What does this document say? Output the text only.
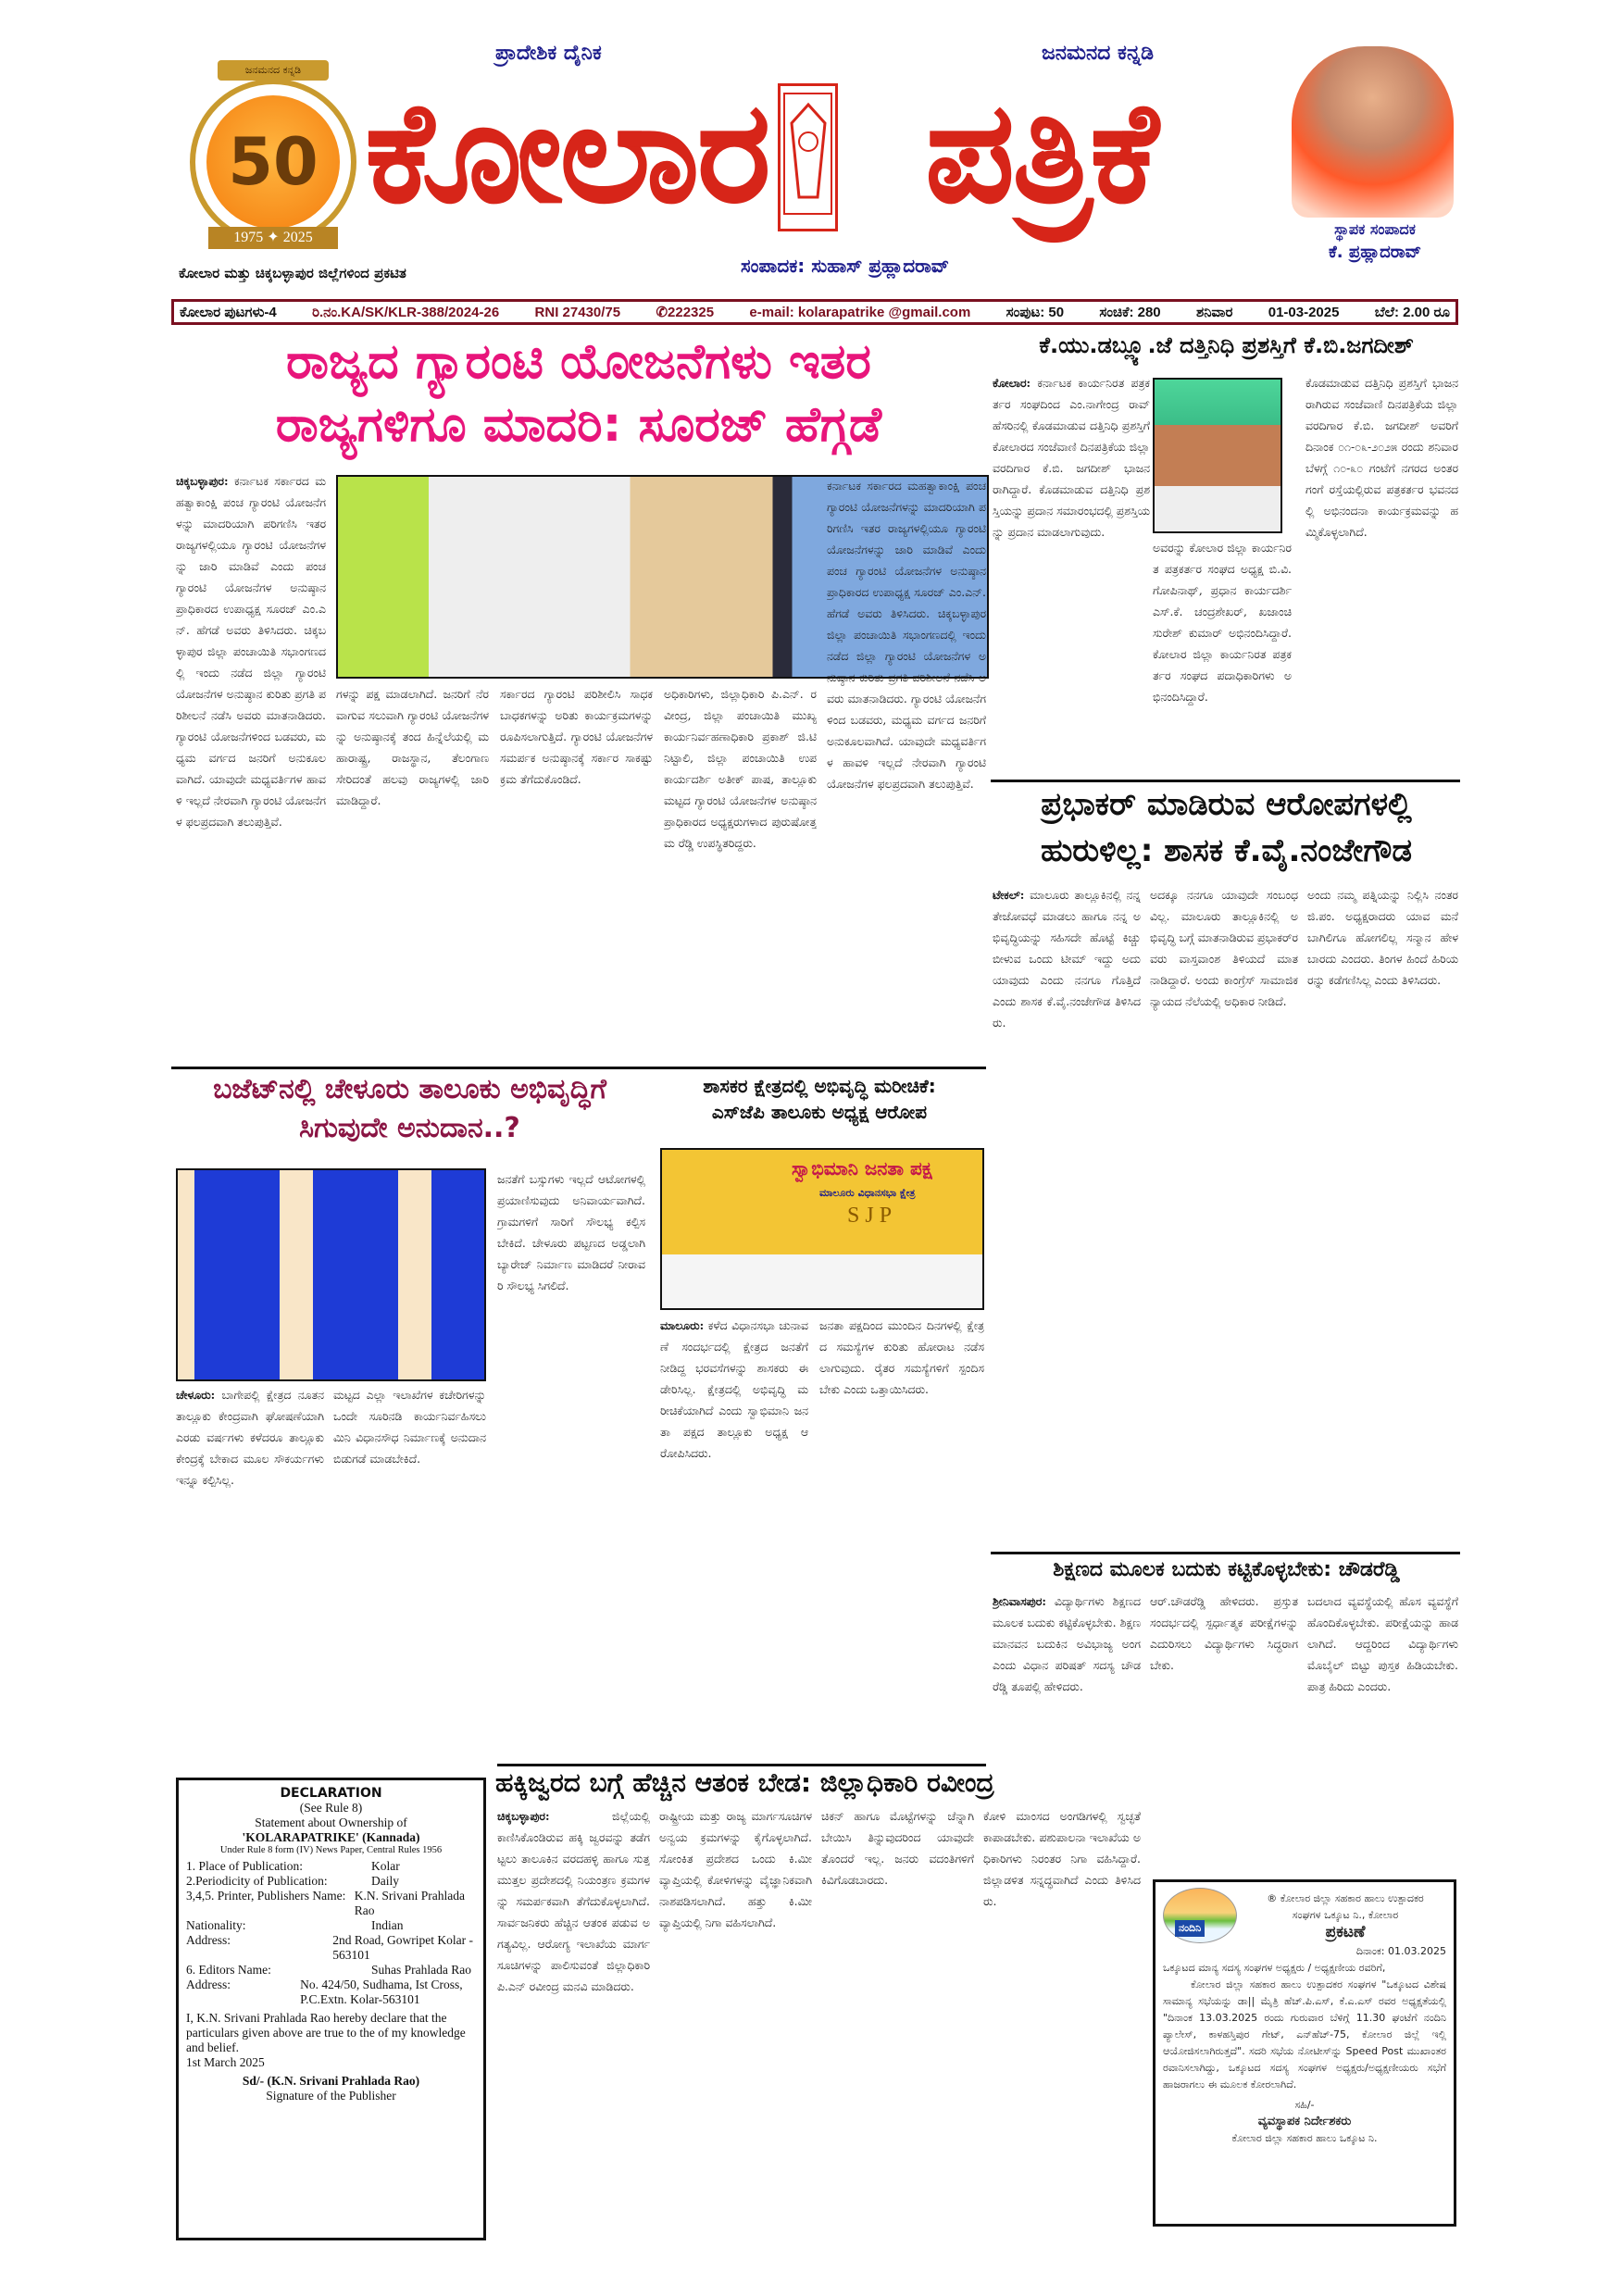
ಜನಮನದ ಕನ್ನಡಿ
50
1975 ✦ 2025
ಪ್ರಾದೇಶಿಕ ದೈನಿಕ	ಜನಮನದ ಕನ್ನಡಿ
ಕೋಲಾರ ಪತ್ರಿಕೆ	ಸ್ಥಾಪಕ ಸಂಪಾದಕ
ಕೆ. ಪ್ರಹ್ಲಾದರಾವ್
ಕೋಲಾರ ಮತ್ತು ಚಿಕ್ಕಬಳ್ಳಾಪುರ ಜಿಲ್ಲೆಗಳಿಂದ ಪ್ರಕಟಿತ	ಸಂಪಾದಕ: ಸುಹಾಸ್ ಪ್ರಹ್ಲಾದರಾವ್
ಕೋಲಾರ ಪುಟಗಳು-4	ರಿ.ನಂ.KA/SK/KLR-388/2024-26	RNI 27430/75	✆222325	e-mail: kolarapatrike @gmail.com	ಸಂಪುಟ: 50	ಸಂಚಿಕೆ: 280	ಶನಿವಾರ	01-03-2025	ಬೆಲೆ: 2.00 ರೂ
ರಾಜ್ಯದ ಗ್ಯಾರಂಟಿ ಯೋಜನೆಗಳು ಇತರ
ರಾಜ್ಯಗಳಿಗೂ ಮಾದರಿ: ಸೂರಜ್ ಹೆಗ್ಗಡೆ
ಚಿಕ್ಕಬಳ್ಳಾಪುರ: ಕರ್ನಾಟಕ ಸರ್ಕಾರದ ಮಹತ್ವಾಕಾಂಕ್ಷಿ ಪಂಚ ಗ್ಯಾರಂಟಿ ಯೋಜನೆಗಳನ್ನು ಮಾದರಿಯಾಗಿ ಪರಿಗಣಿಸಿ ಇತರ ರಾಜ್ಯಗಳಲ್ಲಿಯೂ ಗ್ಯಾರಂಟಿ ಯೋಜನೆಗಳನ್ನು ಜಾರಿ ಮಾಡಿವೆ ಎಂದು ಪಂಚ ಗ್ಯಾರಂಟಿ ಯೋಜನೆಗಳ ಅನುಷ್ಠಾನ ಪ್ರಾಧಿಕಾರದ ಉಪಾಧ್ಯಕ್ಷ ಸೂರಜ್ ಎಂ.ಎನ್. ಹೆಗಡೆ ಅವರು ತಿಳಿಸಿದರು. ಚಿಕ್ಕಬಳ್ಳಾಪುರ ಜಿಲ್ಲಾ ಪಂಚಾಯಿತಿ ಸಭಾಂಗಣದಲ್ಲಿ ಇಂದು ನಡೆದ ಜಿಲ್ಲಾ ಗ್ಯಾರಂಟಿ ಯೋಜನೆಗಳ ಅನುಷ್ಠಾನ ಕುರಿತು ಪ್ರಗತಿ ಪರಿಶೀಲನೆ ನಡೆಸಿ ಅವರು ಮಾತನಾಡಿದರು. ಗ್ಯಾರಂಟಿ ಯೋಜನೆಗಳಿಂದ ಬಡವರು, ಮಧ್ಯಮ ವರ್ಗದ ಜನರಿಗೆ ಅನುಕೂಲವಾಗಿದೆ. ಯಾವುದೇ ಮಧ್ಯವರ್ತಿಗಳ ಹಾವಳಿ ಇಲ್ಲದೆ ನೇರವಾಗಿ ಗ್ಯಾರಂಟಿ ಯೋಜನೆಗಳ ಫಲಪ್ರದವಾಗಿ ತಲುಪುತ್ತಿವೆ.
ಗಳನ್ನು ಪಕ್ಷ ಮಾಡಲಾಗಿದೆ. ಜನರಿಗೆ ನೆರವಾಗುವ ಸಲುವಾಗಿ ಗ್ಯಾರಂಟಿ ಯೋಜನೆಗಳನ್ನು ಅನುಷ್ಠಾನಕ್ಕೆ ತಂದ ಹಿನ್ನೆಲೆಯಲ್ಲಿ ಮಹಾರಾಷ್ಟ್ರ, ರಾಜಸ್ಥಾನ, ತೆಲಂಗಾಣ ಸೇರಿದಂತೆ ಹಲವು ರಾಜ್ಯಗಳಲ್ಲಿ ಜಾರಿ ಮಾಡಿದ್ದಾರೆ.
ಸರ್ಕಾರದ ಗ್ಯಾರಂಟಿ ಪರಿಶೀಲಿಸಿ ಸಾಧಕ ಬಾಧಕಗಳನ್ನು ಅರಿತು ಕಾರ್ಯಕ್ರಮಗಳನ್ನು ರೂಪಿಸಲಾಗುತ್ತಿದೆ. ಗ್ಯಾರಂಟಿ ಯೋಜನೆಗಳ ಸಮರ್ಪಕ ಅನುಷ್ಠಾನಕ್ಕೆ ಸರ್ಕಾರ ಸಾಕಷ್ಟು ಕ್ರಮ ತೆಗೆದುಕೊಂಡಿದೆ.
ಅಧಿಕಾರಿಗಳು, ಜಿಲ್ಲಾಧಿಕಾರಿ ಪಿ.ಎನ್. ರವೀಂದ್ರ, ಜಿಲ್ಲಾ ಪಂಚಾಯಿತಿ ಮುಖ್ಯ ಕಾರ್ಯನಿರ್ವಹಣಾಧಿಕಾರಿ ಪ್ರಕಾಶ್ ಜಿ.ಟಿ ನಿಟ್ಟಾಲಿ, ಜಿಲ್ಲಾ ಪಂಚಾಯಿತಿ ಉಪ ಕಾರ್ಯದರ್ಶಿ ಅತೀಕ್ ಪಾಷ, ತಾಲ್ಲೂಕು ಮಟ್ಟದ ಗ್ಯಾರಂಟಿ ಯೋಜನೆಗಳ ಅನುಷ್ಠಾನ ಪ್ರಾಧಿಕಾರದ ಅಧ್ಯಕ್ಷರುಗಳಾದ ಪುರುಷೋತ್ತಮ ರೆಡ್ಡಿ ಉಪಸ್ಥಿತರಿದ್ದರು.
ಕರ್ನಾಟಕ ಸರ್ಕಾರದ ಮಹತ್ವಾಕಾಂಕ್ಷಿ ಪಂಚ ಗ್ಯಾರಂಟಿ ಯೋಜನೆಗಳನ್ನು ಮಾದರಿಯಾಗಿ ಪರಿಗಣಿಸಿ ಇತರ ರಾಜ್ಯಗಳಲ್ಲಿಯೂ ಗ್ಯಾರಂಟಿ ಯೋಜನೆಗಳನ್ನು ಜಾರಿ ಮಾಡಿವೆ ಎಂದು ಪಂಚ ಗ್ಯಾರಂಟಿ ಯೋಜನೆಗಳ ಅನುಷ್ಠಾನ ಪ್ರಾಧಿಕಾರದ ಉಪಾಧ್ಯಕ್ಷ ಸೂರಜ್ ಎಂ.ಎನ್. ಹೆಗಡೆ ಅವರು ತಿಳಿಸಿದರು. ಚಿಕ್ಕಬಳ್ಳಾಪುರ ಜಿಲ್ಲಾ ಪಂಚಾಯಿತಿ ಸಭಾಂಗಣದಲ್ಲಿ ಇಂದು ನಡೆದ ಜಿಲ್ಲಾ ಗ್ಯಾರಂಟಿ ಯೋಜನೆಗಳ ಅನುಷ್ಠಾನ ಕುರಿತು ಪ್ರಗತಿ ಪರಿಶೀಲನೆ ನಡೆಸಿ ಅವರು ಮಾತನಾಡಿದರು. ಗ್ಯಾರಂಟಿ ಯೋಜನೆಗಳಿಂದ ಬಡವರು, ಮಧ್ಯಮ ವರ್ಗದ ಜನರಿಗೆ ಅನುಕೂಲವಾಗಿದೆ. ಯಾವುದೇ ಮಧ್ಯವರ್ತಿಗಳ ಹಾವಳಿ ಇಲ್ಲದೆ ನೇರವಾಗಿ ಗ್ಯಾರಂಟಿ ಯೋಜನೆಗಳ ಫಲಪ್ರದವಾಗಿ ತಲುಪುತ್ತಿವೆ.
ಕೆ.ಯು.ಡಬ್ಲ್ಯೂ.ಜೆ ದತ್ತಿನಿಧಿ ಪ್ರಶಸ್ತಿಗೆ ಕೆ.ಬಿ.ಜಗದೀಶ್
ಕೋಲಾರ: ಕರ್ನಾಟಕ ಕಾರ್ಯನಿರತ ಪತ್ರಕರ್ತರ ಸಂಘದಿಂದ ಎಂ.ನಾಗೇಂದ್ರ ರಾವ್ ಹೆಸರಿನಲ್ಲಿ ಕೊಡಮಾಡುವ ದತ್ತಿನಿಧಿ ಪ್ರಶಸ್ತಿಗೆ ಕೋಲಾರದ ಸಂಜೆವಾಣಿ ದಿನಪತ್ರಿಕೆಯ ಜಿಲ್ಲಾ ವರದಿಗಾರ ಕೆ.ಬಿ. ಜಗದೀಶ್ ಭಾಜನರಾಗಿದ್ದಾರೆ. ಕೊಡಮಾಡುವ ದತ್ತಿನಿಧಿ ಪ್ರಶಸ್ತಿಯನ್ನು ಪ್ರದಾನ ಸಮಾರಂಭದಲ್ಲಿ ಪ್ರಶಸ್ತಿಯನ್ನು ಪ್ರದಾನ ಮಾಡಲಾಗುವುದು.
ಅವರನ್ನು ಕೋಲಾರ ಜಿಲ್ಲಾ ಕಾರ್ಯನಿರತ ಪತ್ರಕರ್ತರ ಸಂಘದ ಅಧ್ಯಕ್ಷ ಬಿ.ವಿ. ಗೋಪಿನಾಥ್, ಪ್ರಧಾನ ಕಾರ್ಯದರ್ಶಿ ಎಸ್.ಕೆ. ಚಂದ್ರಶೇಖರ್, ಖಜಾಂಚಿ ಸುರೇಶ್ ಕುಮಾರ್ ಅಭಿನಂದಿಸಿದ್ದಾರೆ. ಕೋಲಾರ ಜಿಲ್ಲಾ ಕಾರ್ಯನಿರತ ಪತ್ರಕರ್ತರ ಸಂಘದ ಪದಾಧಿಕಾರಿಗಳು ಅಭಿನಂದಿಸಿದ್ದಾರೆ.
ಕೊಡಮಾಡುವ ದತ್ತಿನಿಧಿ ಪ್ರಶಸ್ತಿಗೆ ಭಾಜನರಾಗಿರುವ ಸಂಜೆವಾಣಿ ದಿನಪತ್ರಿಕೆಯ ಜಿಲ್ಲಾ ವರದಿಗಾರ ಕೆ.ಬಿ. ಜಗದೀಶ್ ಅವರಿಗೆ ದಿನಾಂಕ ೦೧-೦೩-೨೦೨೫ ರಂದು ಶನಿವಾರ ಬೆಳಗ್ಗೆ ೧೦-೩೦ ಗಂಟೆಗೆ ನಗರದ ಅಂತರಗಂಗೆ ರಸ್ತೆಯಲ್ಲಿರುವ ಪತ್ರಕರ್ತರ ಭವನದಲ್ಲಿ ಅಭಿನಂದನಾ ಕಾರ್ಯಕ್ರಮವನ್ನು ಹಮ್ಮಿಕೊಳ್ಳಲಾಗಿದೆ.
ಪ್ರಭಾಕರ್ ಮಾಡಿರುವ ಆರೋಪಗಳಲ್ಲಿ
ಹುರುಳಿಲ್ಲ: ಶಾಸಕ ಕೆ.ವೈ.ನಂಜೇಗೌಡ
ಟೇಕಲ್: ಮಾಲೂರು ತಾಲ್ಲೂಕಿನಲ್ಲಿ ನನ್ನ ತೇಜೋವಧೆ ಮಾಡಲು ಹಾಗೂ ನನ್ನ ಅಭಿವೃದ್ಧಿಯನ್ನು ಸಹಿಸದೇ ಹೊಟ್ಟೆ ಕಿಚ್ಚು ಬೀಳುವ ಒಂದು ಟೀಮ್ ಇದ್ದು ಅದು ಯಾವುದು ಎಂದು ನನಗೂ ಗೊತ್ತಿದೆ ಎಂದು ಶಾಸಕ ಕೆ.ವೈ.ನಂಜೇಗೌಡ ತಿಳಿಸಿದರು.
ಅದಕ್ಕೂ ನನಗೂ ಯಾವುದೇ ಸಂಬಂಧವಿಲ್ಲ. ಮಾಲೂರು ತಾಲ್ಲೂಕಿನಲ್ಲಿ ಅಭಿವೃದ್ಧಿ ಬಗ್ಗೆ ಮಾತನಾಡಿರುವ ಪ್ರಭಾಕರ್‌ರವರು ವಾಸ್ತವಾಂಶ ತಿಳಿಯದೆ ಮಾತನಾಡಿದ್ದಾರೆ. ಅಂದು ಕಾಂಗ್ರೆಸ್ ಸಾಮಾಜಿಕ ನ್ಯಾಯದ ನೆಲೆಯಲ್ಲಿ ಅಧಿಕಾರ ನೀಡಿದೆ.
ಅಂದು ನಮ್ಮ ಪತ್ನಿಯನ್ನು ನಿಲ್ಲಿಸಿ ನಂತರ ಜಿ.ಪಂ. ಅಧ್ಯಕ್ಷರಾದರು ಯಾವ ಮನೆ ಬಾಗಿಲಿಗೂ ಹೋಗಲಿಲ್ಲ ಸನ್ಮಾನ ಹೇಳಬಾರದು ಎಂದರು. ತಿಂಗಳ ಹಿಂದೆ ಹಿರಿಯರನ್ನು ಕಡೆಗಣಿಸಿಲ್ಲ ಎಂದು ತಿಳಿಸಿದರು.
ಶಿಕ್ಷಣದ ಮೂಲಕ ಬದುಕು ಕಟ್ಟಿಕೊಳ್ಳಬೇಕು: ಚೌಡರೆಡ್ಡಿ
ಶ್ರೀನಿವಾಸಪುರ: ವಿದ್ಯಾರ್ಥಿಗಳು ಶಿಕ್ಷಣದ ಮೂಲಕ ಬದುಕು ಕಟ್ಟಿಕೊಳ್ಳಬೇಕು. ಶಿಕ್ಷಣ ಮಾನವನ ಬದುಕಿನ ಅವಿಭಾಜ್ಯ ಅಂಗ ಎಂದು ವಿಧಾನ ಪರಿಷತ್ ಸದಸ್ಯ ಚೌಡರೆಡ್ಡಿ ತೂಪಲ್ಲಿ ಹೇಳಿದರು.
ಆರ್.ಚೌಡರೆಡ್ಡಿ ಹೇಳಿದರು. ಪ್ರಸ್ತುತ ಸಂದರ್ಭದಲ್ಲಿ ಸ್ಪರ್ಧಾತ್ಮಕ ಪರೀಕ್ಷೆಗಳನ್ನು ಎದುರಿಸಲು ವಿದ್ಯಾರ್ಥಿಗಳು ಸಿದ್ಧರಾಗಬೇಕು.
ಬದಲಾದ ವ್ಯವಸ್ಥೆಯಲ್ಲಿ ಹೊಸ ವ್ಯವಸ್ಥೆಗೆ ಹೊಂದಿಕೊಳ್ಳಬೇಕು. ಪರೀಕ್ಷೆಯನ್ನು ಹಾಡಲಾಗಿದೆ. ಆದ್ದರಿಂದ ವಿದ್ಯಾರ್ಥಿಗಳು ಮೊಬೈಲ್ ಬಿಟ್ಟು ಪುಸ್ತಕ ಹಿಡಿಯಬೇಕು. ಪಾತ್ರ ಹಿರಿದು ಎಂದರು.
ಬಜೆಟ್‌ನಲ್ಲಿ ಚೇಳೂರು ತಾಲೂಕು ಅಭಿವೃದ್ಧಿಗೆ
ಸಿಗುವುದೇ ಅನುದಾನ..?
ಚೇಳೂರು: ಬಾಗೇಪಲ್ಲಿ ಕ್ಷೇತ್ರದ ನೂತನ ತಾಲ್ಲೂಕು ಕೇಂದ್ರವಾಗಿ ಘೋಷಣೆಯಾಗಿ ಎರಡು ವರ್ಷಗಳು ಕಳೆದರೂ ತಾಲ್ಲೂಕು ಕೇಂದ್ರಕ್ಕೆ ಬೇಕಾದ ಮೂಲ ಸೌಕರ್ಯಗಳು ಇನ್ನೂ ಕಲ್ಪಿಸಿಲ್ಲ.
ಮಟ್ಟದ ಎಲ್ಲಾ ಇಲಾಖೆಗಳ ಕಚೇರಿಗಳನ್ನು ಒಂದೇ ಸೂರಿನಡಿ ಕಾರ್ಯನಿರ್ವಹಿಸಲು ಮಿನಿ ವಿಧಾನಸೌಧ ನಿರ್ಮಾಣಕ್ಕೆ ಅನುದಾನ ಬಿಡುಗಡೆ ಮಾಡಬೇಕಿದೆ.
ಜನತೆಗೆ ಬಸ್ಸುಗಳು ಇಲ್ಲದೆ ಆಟೋಗಳಲ್ಲಿ ಪ್ರಯಾಣಿಸುವುದು ಅನಿವಾರ್ಯವಾಗಿದೆ. ಗ್ರಾಮಗಳಿಗೆ ಸಾರಿಗೆ ಸೌಲಭ್ಯ ಕಲ್ಪಿಸಬೇಕಿದೆ. ಚೇಳೂರು ಪಟ್ಟಣದ ಅಡ್ಡಲಾಗಿ ಬ್ಯಾರೇಜ್ ನಿರ್ಮಾಣ ಮಾಡಿದರೆ ನೀರಾವರಿ ಸೌಲಭ್ಯ ಸಿಗಲಿದೆ.
ಶಾಸಕರ ಕ್ಷೇತ್ರದಲ್ಲಿ ಅಭಿವೃದ್ಧಿ ಮರೀಚಿಕೆ:
ಎಸ್‌ಜೆಪಿ ತಾಲೂಕು ಅಧ್ಯಕ್ಷ ಆರೋಪ
ಸ್ವಾಭಿಮಾನಿ ಜನತಾ ಪಕ್ಷ
ಮಾಲೂರು ವಿಧಾನಸಭಾ ಕ್ಷೇತ್ರ
SJP
ಮಾಲೂರು: ಕಳೆದ ವಿಧಾನಸಭಾ ಚುನಾವಣೆ ಸಂದರ್ಭದಲ್ಲಿ ಕ್ಷೇತ್ರದ ಜನತೆಗೆ ನೀಡಿದ್ದ ಭರವಸೆಗಳನ್ನು ಶಾಸಕರು ಈಡೇರಿಸಿಲ್ಲ. ಕ್ಷೇತ್ರದಲ್ಲಿ ಅಭಿವೃದ್ಧಿ ಮರೀಚಿಕೆಯಾಗಿದೆ ಎಂದು ಸ್ವಾಭಿಮಾನಿ ಜನತಾ ಪಕ್ಷದ ತಾಲ್ಲೂಕು ಅಧ್ಯಕ್ಷ ಆರೋಪಿಸಿದರು.
ಜನತಾ ಪಕ್ಷದಿಂದ ಮುಂದಿನ ದಿನಗಳಲ್ಲಿ ಕ್ಷೇತ್ರದ ಸಮಸ್ಯೆಗಳ ಕುರಿತು ಹೋರಾಟ ನಡೆಸಲಾಗುವುದು. ರೈತರ ಸಮಸ್ಯೆಗಳಿಗೆ ಸ್ಪಂದಿಸಬೇಕು ಎಂದು ಒತ್ತಾಯಿಸಿದರು.
DECLARATION
(See Rule 8)
Statement about Ownership of
'KOLARAPATRIKE' (Kannada)
Under Rule 8 form (IV) News Paper, Central Rules 1956
1. Place of Publication:	Kolar
2.Periodicity of Publication:	Daily
3,4,5. Printer, Publishers Name: K.N. Srivani Prahlada Rao
Nationality:	Indian
Address:	2nd Road, Gowripet Kolar - 563101
6. Editors Name:	Suhas Prahlada Rao
Address:	No. 424/50, Sudhama, Ist Cross, P.C.Extn. Kolar-563101
I, K.N. Srivani Prahlada Rao hereby declare that the particulars given above are true to the of my knowledge and belief.
1st March 2025
Sd/- (K.N. Srivani Prahlada Rao)
Signature of the Publisher
ಹಕ್ಕಿಜ್ವರದ ಬಗ್ಗೆ ಹೆಚ್ಚಿನ ಆತಂಕ ಬೇಡ: ಜಿಲ್ಲಾಧಿಕಾರಿ ರವೀಂದ್ರ
ಚಿಕ್ಕಬಳ್ಳಾಪುರ:	ಜಿಲ್ಲೆಯಲ್ಲಿ ಕಾಣಿಸಿಕೊಂಡಿರುವ ಹಕ್ಕಿ ಜ್ವರವನ್ನು ತಡೆಗಟ್ಟಲು ತಾಲೂಕಿನ ವರದಹಳ್ಳಿ ಹಾಗೂ ಸುತ್ತಮುತ್ತಲ ಪ್ರದೇಶದಲ್ಲಿ ನಿಯಂತ್ರಣ ಕ್ರಮಗಳನ್ನು ಸಮರ್ಪಕವಾಗಿ ತೆಗೆದುಕೊಳ್ಳಲಾಗಿದೆ. ಸಾರ್ವಜನಿಕರು ಹೆಚ್ಚಿನ ಆತಂಕ ಪಡುವ ಅಗತ್ಯವಿಲ್ಲ. ಆರೋಗ್ಯ ಇಲಾಖೆಯ ಮಾರ್ಗಸೂಚಿಗಳನ್ನು ಪಾಲಿಸುವಂತೆ ಜಿಲ್ಲಾಧಿಕಾರಿ ಪಿ.ಎನ್ ರವೀಂದ್ರ ಮನವಿ ಮಾಡಿದರು.
ರಾಷ್ಟ್ರೀಯ ಮತ್ತು ರಾಜ್ಯ ಮಾರ್ಗಸೂಚಿಗಳ ಅನ್ವಯ ಕ್ರಮಗಳನ್ನು ಕೈಗೊಳ್ಳಲಾಗಿದೆ. ಸೋಂಕಿತ ಪ್ರದೇಶದ ಒಂದು ಕಿ.ಮೀ ವ್ಯಾಪ್ತಿಯಲ್ಲಿ ಕೋಳಿಗಳನ್ನು ವೈಜ್ಞಾನಿಕವಾಗಿ ನಾಶಪಡಿಸಲಾಗಿದೆ. ಹತ್ತು ಕಿ.ಮೀ ವ್ಯಾಪ್ತಿಯಲ್ಲಿ ನಿಗಾ ವಹಿಸಲಾಗಿದೆ.
ಚಿಕನ್ ಹಾಗೂ ಮೊಟ್ಟೆಗಳನ್ನು ಚೆನ್ನಾಗಿ ಬೇಯಿಸಿ ತಿನ್ನುವುದರಿಂದ ಯಾವುದೇ ತೊಂದರೆ ಇಲ್ಲ. ಜನರು ವದಂತಿಗಳಿಗೆ ಕಿವಿಗೊಡಬಾರದು.
ಕೋಳಿ ಮಾಂಸದ ಅಂಗಡಿಗಳಲ್ಲಿ ಸ್ವಚ್ಛತೆ ಕಾಪಾಡಬೇಕು. ಪಶುಪಾಲನಾ ಇಲಾಖೆಯ ಅಧಿಕಾರಿಗಳು ನಿರಂತರ ನಿಗಾ ವಹಿಸಿದ್ದಾರೆ. ಜಿಲ್ಲಾಡಳಿತ ಸನ್ನದ್ಧವಾಗಿದೆ ಎಂದು ತಿಳಿಸಿದರು.
ನಂದಿನಿ
® ಕೋಲಾರ ಜಿಲ್ಲಾ ಸಹಕಾರ ಹಾಲು ಉತ್ಪಾದಕರ
ಸಂಘಗಳ ಒಕ್ಕೂಟ ನಿ., ಕೋಲಾರ
ಪ್ರಕಟಣೆ
ದಿನಾಂಕ: 01.03.2025
ಒಕ್ಕೂಟದ ಮಾನ್ಯ ಸದಸ್ಯ ಸಂಘಗಳ ಅಧ್ಯಕ್ಷರು / ಅಧ್ಯಕ್ಷಣೀಯ ರವರಿಗೆ,
ಕೋಲಾರ ಜಿಲ್ಲಾ ಸಹಕಾರ ಹಾಲು ಉತ್ಪಾದಕರ ಸಂಘಗಳ "ಒಕ್ಕೂಟದ ವಿಶೇಷ ಸಾಮಾನ್ಯ ಸಭೆಯನ್ನು ಡಾ|| ಮೈತ್ರಿ ಹೆಚ್.ಪಿ.ಎಸ್, ಕೆ.ಎ.ಎಸ್ ರವರ ಅಧ್ಯಕ್ಷತೆಯಲ್ಲಿ "ದಿನಾಂಕ 13.03.2025 ರಂದು ಗುರುವಾರ ಬೆಳಿಗ್ಗೆ 11.30 ಘಂಟೆಗೆ ನಂದಿನಿ ಪ್ಯಾಲೇಸ್, ಕಾಳಹಸ್ತಿಪುರ ಗೇಟ್, ಎನ್‌ಹೆಚ್-75, ಕೋಲಾರ ಜಿಲ್ಲೆ ಇಲ್ಲಿ ಆಯೋಜಿಸಲಾಗಿರುತ್ತದೆ". ಸದರಿ ಸಭೆಯ ನೋಟೀಸ್‌ನ್ನು Speed Post ಮುಖಾಂತರ ರವಾನಿಸಲಾಗಿದ್ದು, ಒಕ್ಕೂಟದ ಸದಸ್ಯ ಸಂಘಗಳ ಅಧ್ಯಕ್ಷರು/ಅಧ್ಯಕ್ಷಣೀಯರು ಸಭೆಗೆ ಹಾಜರಾಗಲು ಈ ಮೂಲಕ ಕೋರಲಾಗಿದೆ.
ಸಹಿ/-
ವ್ಯವಸ್ಥಾಪಕ ನಿರ್ದೇಶಕರು
ಕೋಲಾರ ಜಿಲ್ಲಾ ಸಹಕಾರ ಹಾಲು ಒಕ್ಕೂಟ ನಿ.
